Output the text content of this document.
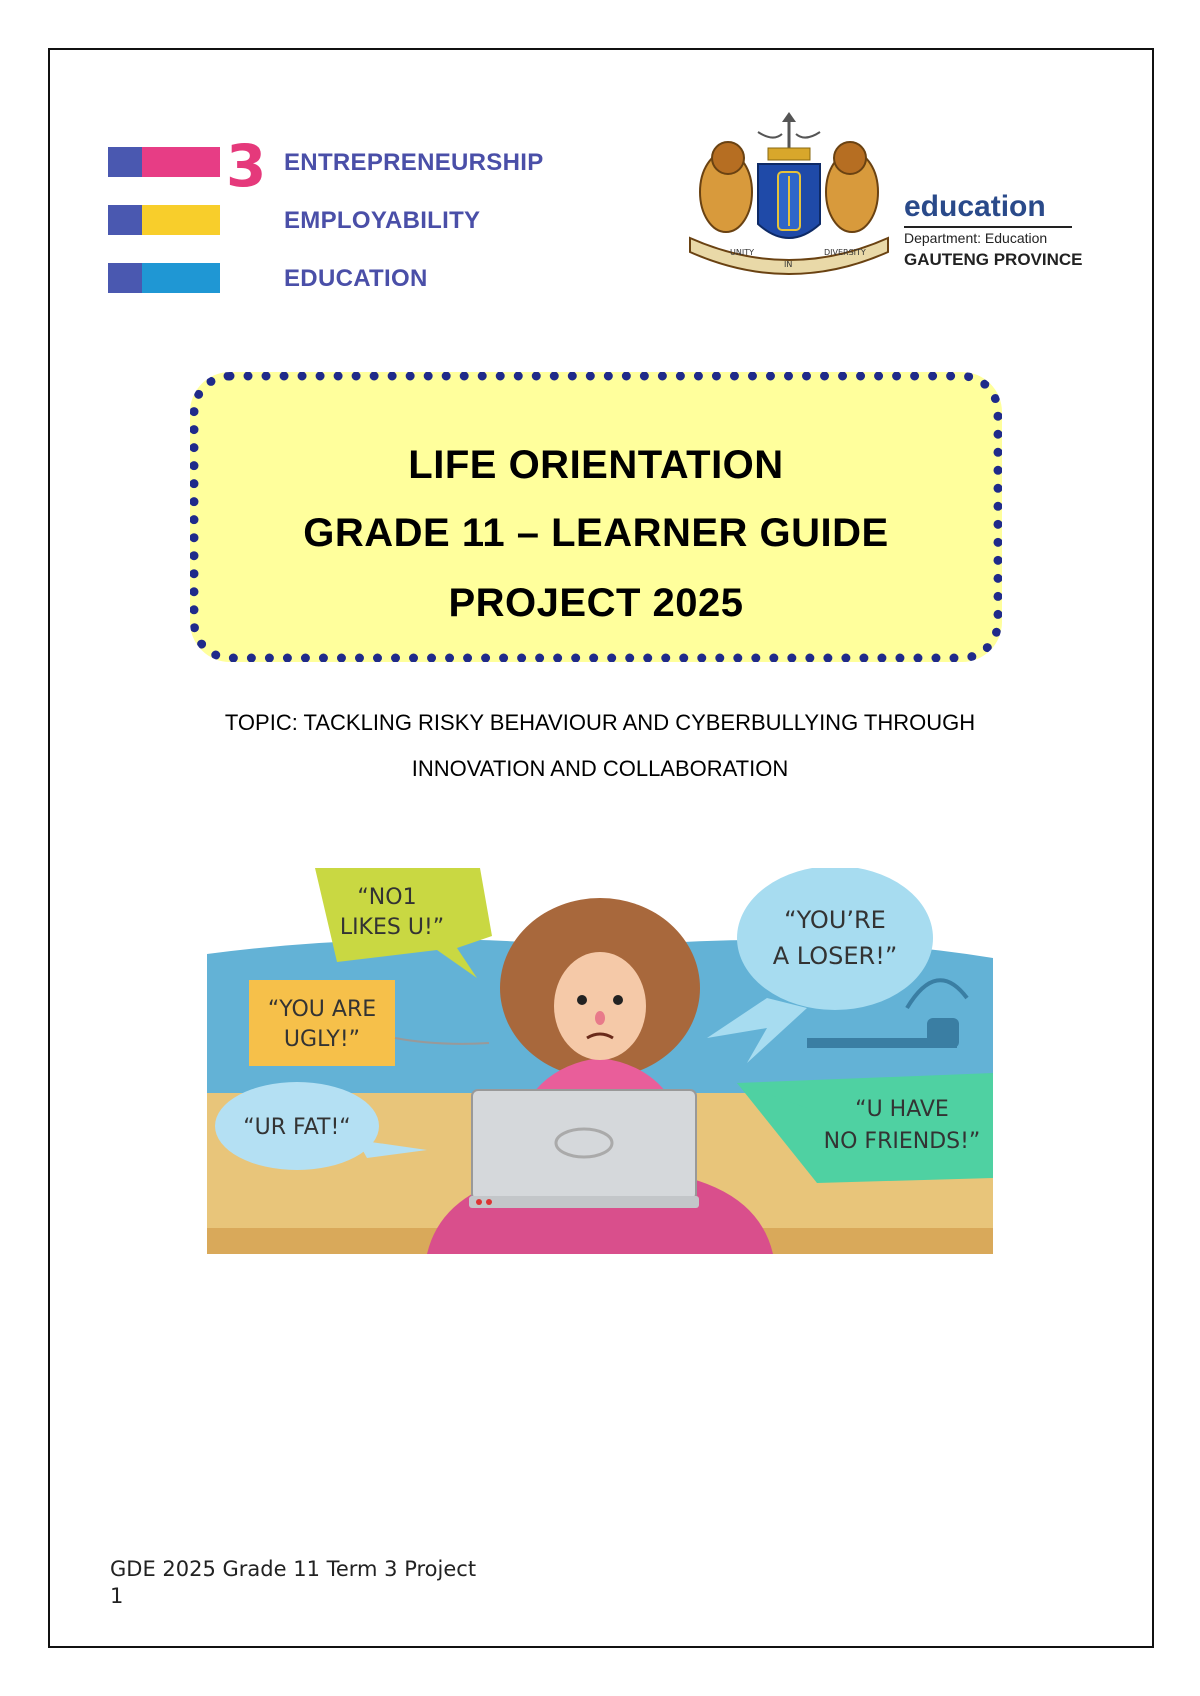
3 ENTREPRENEURSHIP
EMPLOYABILITY
EDUCATION
UNITY
IN
DIVERSITY
education
Department: Education
GAUTENG PROVINCE
LIFE ORIENTATION
GRADE 11 – LEARNER GUIDE
PROJECT 2025
TOPIC: TACKLING RISKY BEHAVIOUR AND CYBERBULLYING THROUGH
INNOVATION AND COLLABORATION
“NO1
LIKES U!”	“YOU’RE
A LOSER!”
“YOU ARE
UGLY!”
“UR FAT!“
“U HAVE
NO FRIENDS!”
GDE 2025 Grade 11 Term 3 Project
1
